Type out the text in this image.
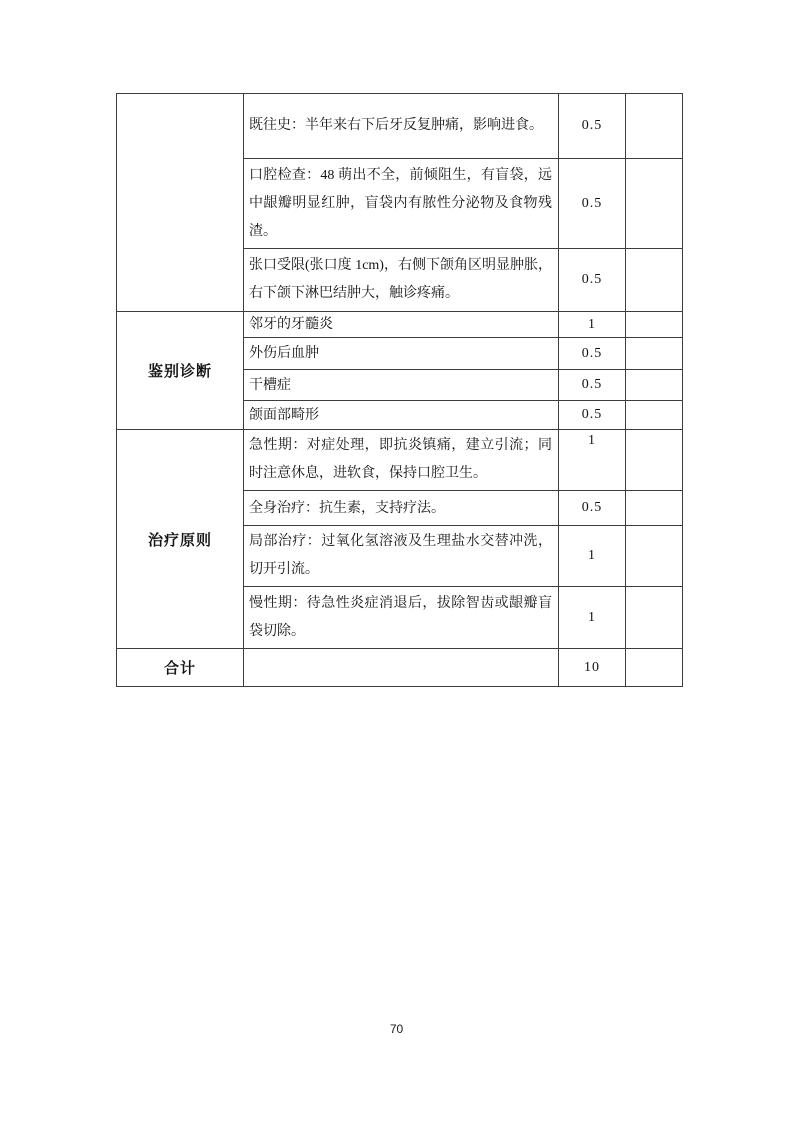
	既往史：半年来右下后牙反复肿痛，影响进食。	0.5	
	口腔检查：48 萌出不全，前倾阻生，有盲袋，远中龈瓣明显红肿，盲袋内有脓性分泌物及食物残渣。	0.5	
	张口受限(张口度 1cm)，右侧下颌角区明显肿胀，右下颌下淋巴结肿大，触诊疼痛。	0.5	
鉴别诊断	邻牙的牙髓炎	1	
	外伤后血肿	0.5	
	干槽症	0.5	
	颌面部畸形	0.5	
治疗原则	急性期：对症处理，即抗炎镇痛，建立引流；同时注意休息，进软食，保持口腔卫生。	1	
	全身治疗：抗生素，支持疗法。	0.5	
	局部治疗：过氧化氢溶液及生理盐水交替冲洗，切开引流。	1	
	慢性期：待急性炎症消退后，拔除智齿或龈瓣盲袋切除。	1	
合计		10	
70
